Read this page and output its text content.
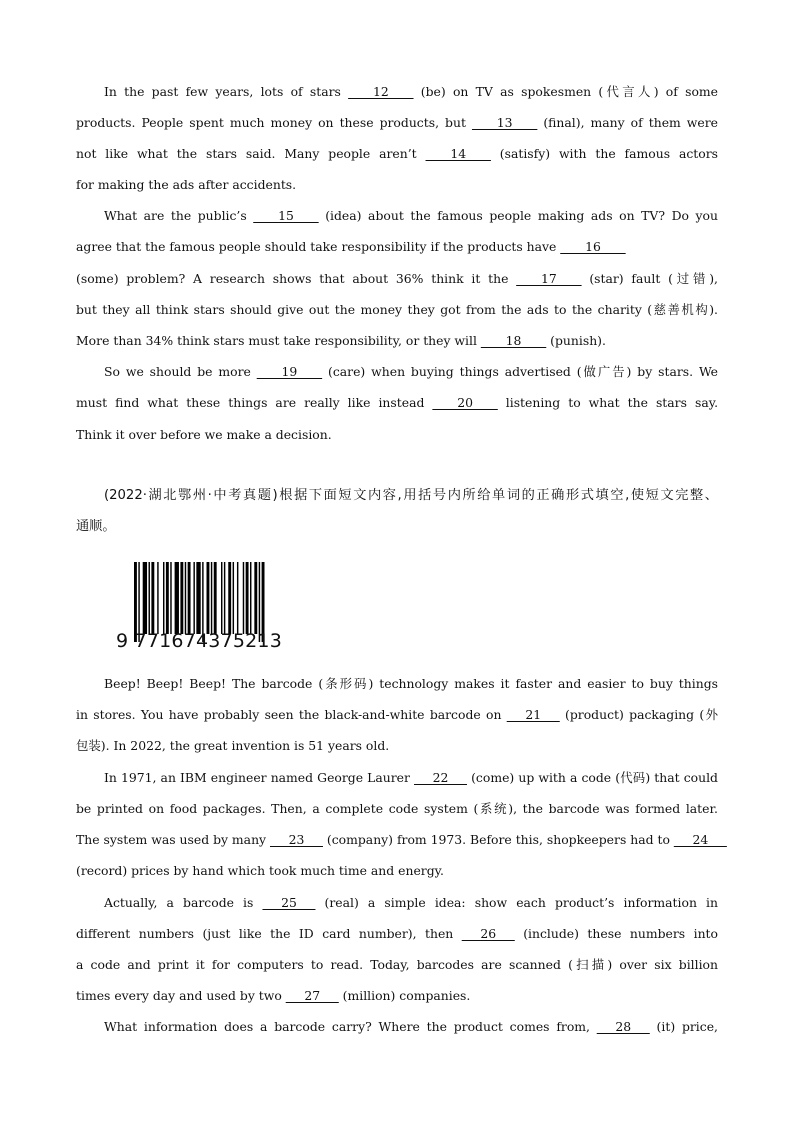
In the past few years, lots of stars ____12____ (be) on TV as spokesmen (代言人) of some
products. People spent much money on these products, but ____13____ (final), many of them were
not like what the stars said. Many people aren’t ____14____ (satisfy) with the famous actors
for making the ads after accidents.
What are the public’s ____15____ (idea) about the famous people making ads on TV? Do you
agree that the famous people should take responsibility if the products have ____16____
(some) problem? A research shows that about 36% think it the ____17____ (star) fault (过错),
but they all think stars should give out the money they got from the ads to the charity (慈善机构).
More than 34% think stars must take responsibility, or they will ____18____ (punish).
So we should be more ____19____ (care) when buying things advertised (做广告) by stars. We
must find what these things are really like instead ____20____ listening to what the stars say.
Think it over before we make a decision.
(2022·湖北鄂州·中考真题)根据下面短文内容,用括号内所给单词的正确形式填空,使短文完整、
通顺。
9 771674375213
Beep! Beep! Beep! The barcode (条形码) technology makes it faster and easier to buy things
in stores. You have probably seen the black-and-white barcode on ___21___ (product) packaging (外
包装). In 2022, the great invention is 51 years old.
In 1971, an IBM engineer named George Laurer ___22___ (come) up with a code (代码) that could
be printed on food packages. Then, a complete code system (系统), the barcode was formed later.
The system was used by many ___23___ (company) from 1973. Before this, shopkeepers had to ___24___
(record) prices by hand which took much time and energy.
Actually, a barcode is ___25___ (real) a simple idea: show each product’s information in
different numbers (just like the ID card number), then ___26___ (include) these numbers into
a code and print it for computers to read. Today, barcodes are scanned (扫描) over six billion
times every day and used by two ___27___ (million) companies.
What information does a barcode carry? Where the product comes from, ___28___ (it) price,
